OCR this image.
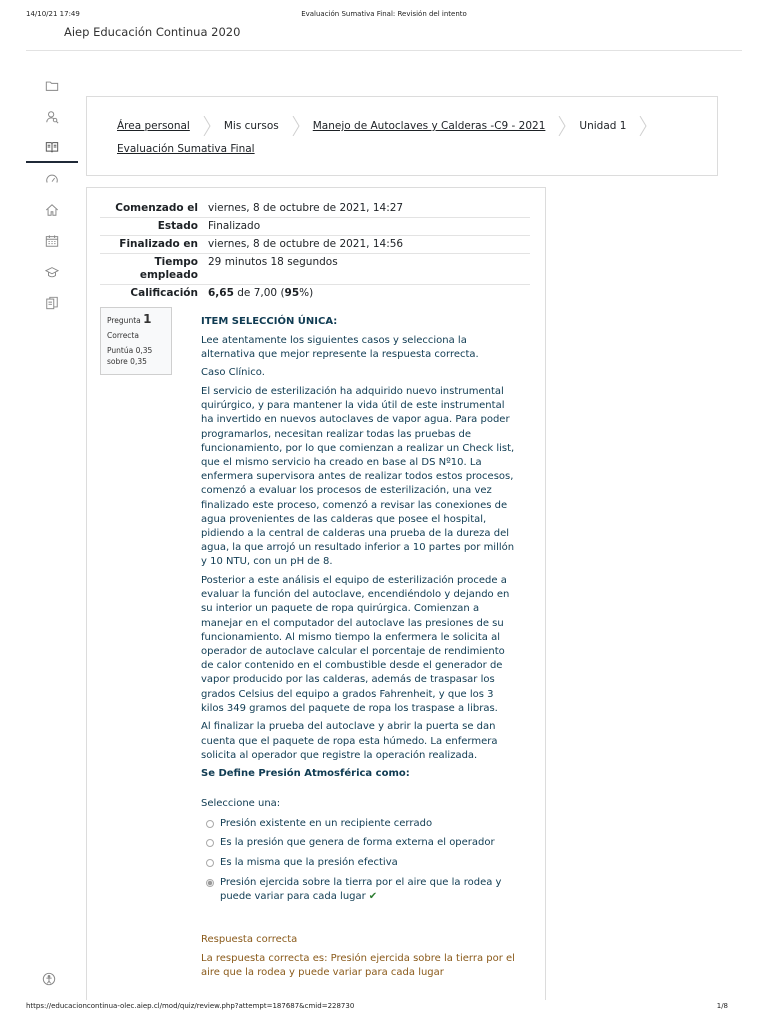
14/10/21 17:49	Evaluación Sumativa Final: Revisión del intento
Aiep Educación Continua 2020
Área personal	Mis cursos	Manejo de Autoclaves y Calderas -C9 - 2021	Unidad 1
Evaluación Sumativa Final
Comenzado el viernes, 8 de octubre de 2021, 14:27
Estado Finalizado
Finalizado en viernes, 8 de octubre de 2021, 14:56
Tiempo empleado
29 minutos 18 segundos
Calificación 6,65 de 7,00 (95%)
Pregunta 1
Correcta
Puntúa 0,35 sobre 0,35

ITEM SELECCIÓN ÚNICA:

Lee atentamente los siguientes casos y selecciona la alternativa que mejor represente la respuesta correcta.

Caso Clínico.

El servicio de esterilización ha adquirido nuevo instrumental quirúrgico, y para mantener la vida útil de este instrumental ha invertido en nuevos autoclaves de vapor agua. Para poder programarlos, necesitan realizar todas las pruebas de funcionamiento, por lo que comienzan a realizar un Check list, que el mismo servicio ha creado en base al DS Nº10. La enfermera supervisora antes de realizar todos estos procesos, comenzó a evaluar los procesos de esterilización, una vez finalizado este proceso, comenzó a revisar las conexiones de agua provenientes de las calderas que posee el hospital, pidiendo a la central de calderas una prueba de la dureza del agua, la que arrojó un resultado inferior a 10 partes por millón y 10 NTU, con un pH de 8.

Posterior a este análisis el equipo de esterilización procede a evaluar la función del autoclave, encendiéndolo y dejando en su interior un paquete de ropa quirúrgica. Comienzan a manejar en el computador del autoclave las presiones de su funcionamiento. Al mismo tiempo la enfermera le solicita al operador de autoclave calcular el porcentaje de rendimiento de calor contenido en el combustible desde el generador de vapor producido por las calderas, además de traspasar los grados Celsius del equipo a grados Fahrenheit, y que los 3 kilos 349 gramos del paquete de ropa los traspase a libras.

Al finalizar la prueba del autoclave y abrir la puerta se dan cuenta que el paquete de ropa esta húmedo. La enfermera solicita al operador que registre la operación realizada.

Se Define Presión Atmosférica como:

Seleccione una:
Presión existente en un recipiente cerrado
Es la presión que genera de forma externa el operador
Es la misma que la presión efectiva
Presión ejercida sobre la tierra por el aire que la rodea y puede variar para cada lugar ✔
Respuesta correcta
La respuesta correcta es: Presión ejercida sobre la tierra por el aire que la rodea y puede variar para cada lugar
https://educacioncontinua-olec.aiep.cl/mod/quiz/review.php?attempt=187687&cmid=228730	1/8
